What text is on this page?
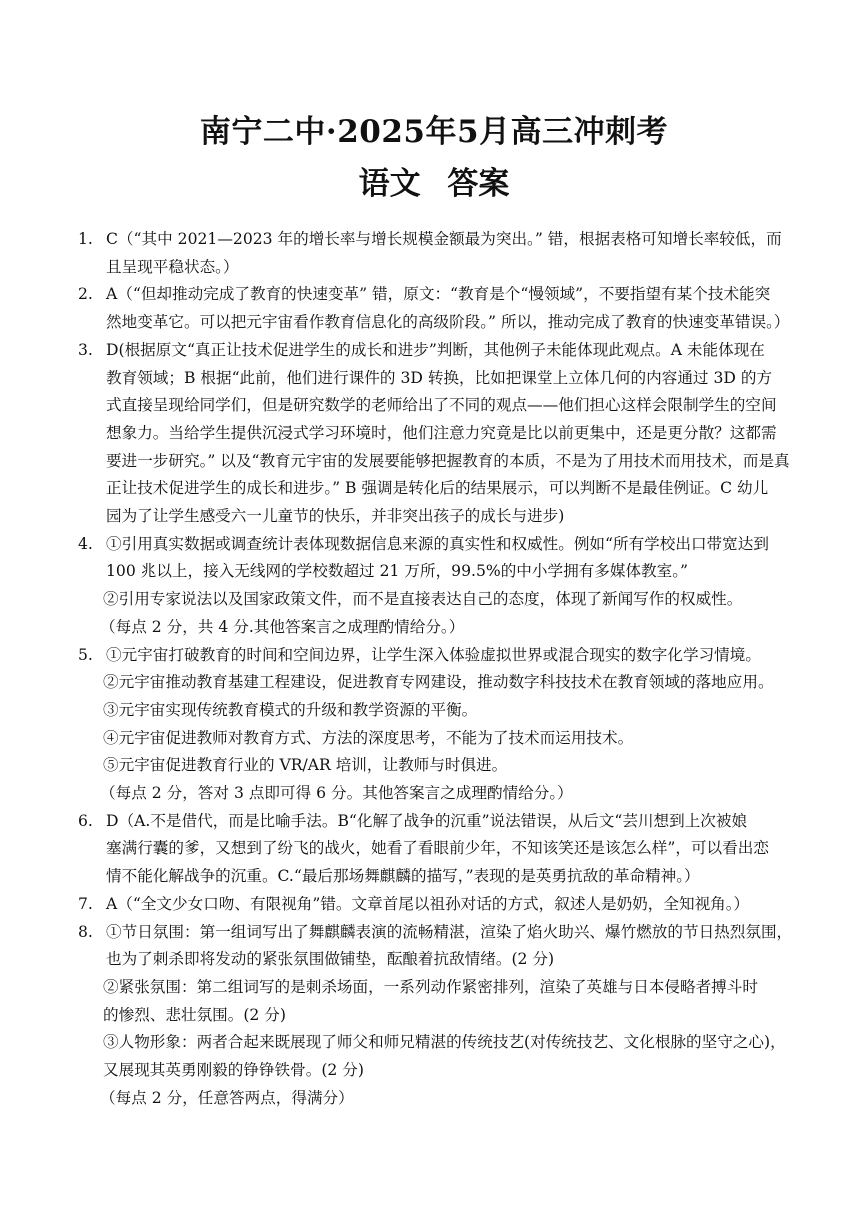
南宁二中·2025年5月高三冲刺考
语文 答案
1. C（“其中 2021—2023 年的增长率与增长规模金额最为突出。” 错，根据表格可知增长率较低，而
且呈现平稳状态。）
2. A（“但却推动完成了教育的快速变革” 错，原文：“教育是个“慢领域”，不要指望有某个技术能突
然地变革它。可以把元宇宙看作教育信息化的高级阶段。” 所以，推动完成了教育的快速变革错误。）
3. D(根据原文“真正让技术促进学生的成长和进步”判断，其他例子未能体现此观点。A 未能体现在
教育领域；B 根据“此前，他们进行课件的 3D 转换，比如把课堂上立体几何的内容通过 3D 的方
式直接呈现给同学们，但是研究数学的老师给出了不同的观点——他们担心这样会限制学生的空间
想象力。当给学生提供沉浸式学习环境时，他们注意力究竟是比以前更集中，还是更分散？这都需
要进一步研究。” 以及“教育元宇宙的发展要能够把握教育的本质，不是为了用技术而用技术，而是真
正让技术促进学生的成长和进步。” B 强调是转化后的结果展示，可以判断不是最佳例证。C 幼儿
园为了让学生感受六一儿童节的快乐，并非突出孩子的成长与进步)
4. ①引用真实数据或调查统计表体现数据信息来源的真实性和权威性。例如“所有学校出口带宽达到
100 兆以上，接入无线网的学校数超过 21 万所，99.5%的中小学拥有多媒体教室。”
②引用专家说法以及国家政策文件，而不是直接表达自己的态度，体现了新闻写作的权威性。
（每点 2 分，共 4 分.其他答案言之成理酌情给分。）
5. ①元宇宙打破教育的时间和空间边界，让学生深入体验虚拟世界或混合现实的数字化学习情境。
②元宇宙推动教育基建工程建设，促进教育专网建设，推动数字科技技术在教育领域的落地应用。
③元宇宙实现传统教育模式的升级和教学资源的平衡。
④元宇宙促进教师对教育方式、方法的深度思考，不能为了技术而运用技术。
⑤元宇宙促进教育行业的 VR/AR 培训，让教师与时俱进。
（每点 2 分，答对 3 点即可得 6 分。其他答案言之成理酌情给分。）
6. D（A.不是借代，而是比喻手法。B“化解了战争的沉重”说法错误，从后文“芸川想到上次被娘
塞满行囊的爹，又想到了纷飞的战火，她看了看眼前少年，不知该笑还是该怎么样”，可以看出恋
情不能化解战争的沉重。C.“最后那场舞麒麟的描写，”表现的是英勇抗敌的革命精神。）
7. A（“全文少女口吻、有限视角”错。文章首尾以祖孙对话的方式，叙述人是奶奶，全知视角。）
8. ①节日氛围：第一组词写出了舞麒麟表演的流畅精湛，渲染了焰火助兴、爆竹燃放的节日热烈氛围，
也为了刺杀即将发动的紧张氛围做铺垫，酝酿着抗敌情绪。(2 分)
②紧张氛围：第二组词写的是刺杀场面，一系列动作紧密排列，渲染了英雄与日本侵略者搏斗时
的惨烈、悲壮氛围。(2 分)
③人物形象：两者合起来既展现了师父和师兄精湛的传统技艺(对传统技艺、文化根脉的坚守之心)，
又展现其英勇刚毅的铮铮铁骨。(2 分)
（每点 2 分，任意答两点，得满分）
